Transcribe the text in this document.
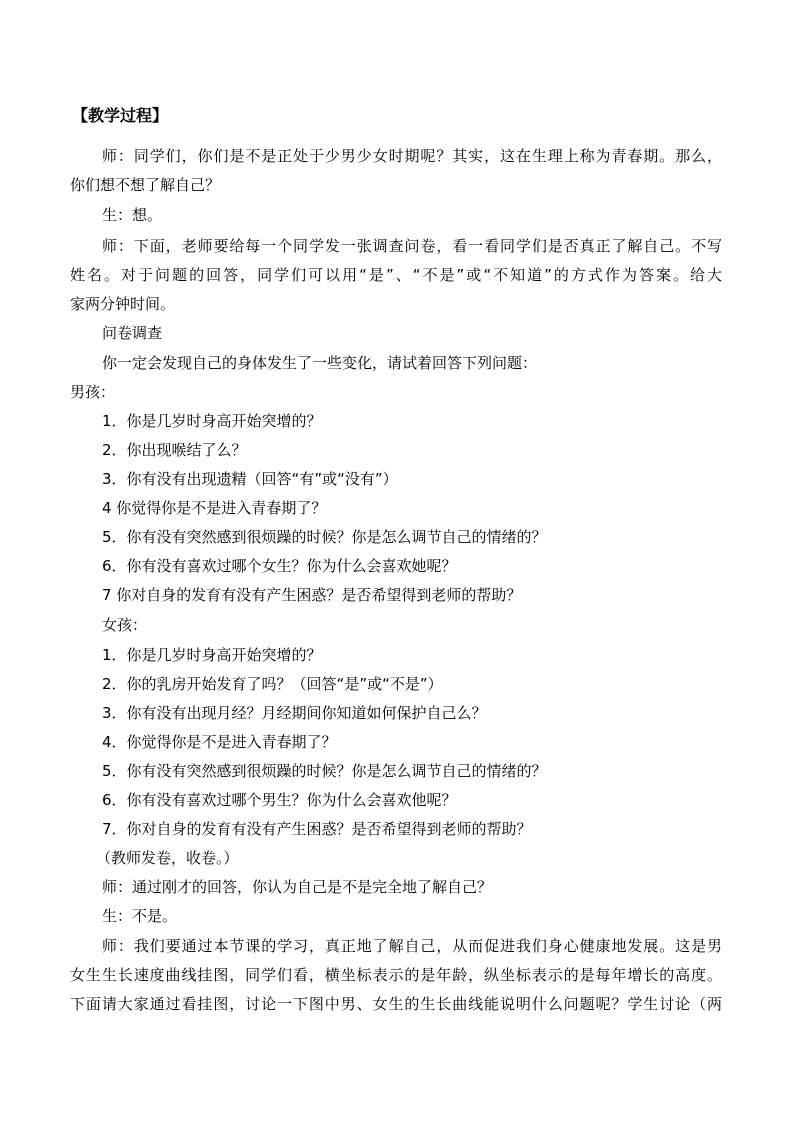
【教学过程】
师：同学们，你们是不是正处于少男少女时期呢？其实，这在生理上称为青春期。那么，
你们想不想了解自己？
生：想。
师：下面，老师要给每一个同学发一张调查问卷，看一看同学们是否真正了解自己。不写
姓名。对于问题的回答，同学们可以用“是”、“不是”或“不知道”的方式作为答案。给大
家两分钟时间。
问卷调查
你一定会发现自己的身体发生了一些变化，请试着回答下列问题：
男孩：
1．你是几岁时身高开始突增的？
2．你出现喉结了么？
3．你有没有出现遗精（回答“有”或“没有”）
4 你觉得你是不是进入青春期了？
5．你有没有突然感到很烦躁的时候？你是怎么调节自己的情绪的？
6．你有没有喜欢过哪个女生？你为什么会喜欢她呢？
7 你对自身的发育有没有产生困惑？是否希望得到老师的帮助？
女孩：
1．你是几岁时身高开始突增的？
2．你的乳房开始发育了吗？（回答“是”或“不是”）
3．你有没有出现月经？月经期间你知道如何保护自己么？
4．你觉得你是不是进入青春期了？
5．你有没有突然感到很烦躁的时候？你是怎么调节自己的情绪的？
6．你有没有喜欢过哪个男生？你为什么会喜欢他呢？
7．你对自身的发育有没有产生困惑？是否希望得到老师的帮助？
（教师发卷，收卷。）
师：通过刚才的回答，你认为自己是不是完全地了解自己？
生：不是。
师：我们要通过本节课的学习，真正地了解自己，从而促进我们身心健康地发展。这是男
女生生长速度曲线挂图，同学们看，横坐标表示的是年龄，纵坐标表示的是每年增长的高度。
下面请大家通过看挂图，讨论一下图中男、女生的生长曲线能说明什么问题呢？学生讨论（两
